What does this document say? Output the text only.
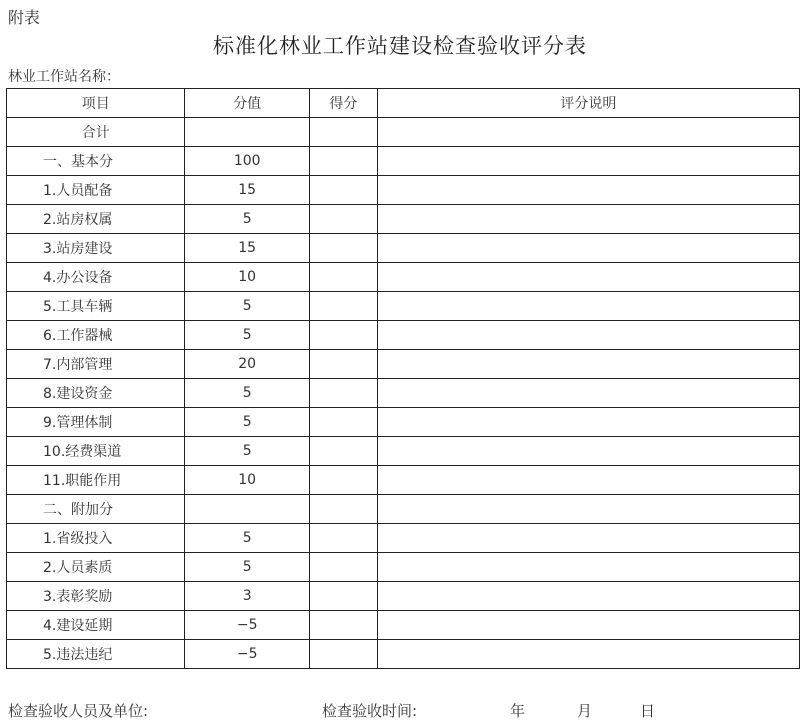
附表
标准化林业工作站建设检查验收评分表
林业工作站名称：
项目	分值	得分	评分说明
合计			
一、基本分	100		
1.人员配备	15		
2.站房权属	5		
3.站房建设	15		
4.办公设备	10		
5.工具车辆	5		
6.工作器械	5		
7.内部管理	20		
8.建设资金	5		
9.管理体制	5		
10.经费渠道	5		
11.职能作用	10		
二、附加分			
1.省级投入	5		
2.人员素质	5		
3.表彰奖励	3		
4.建设延期	−5		
5.违法违纪	−5		
检查验收人员及单位:	检查验收时间:	年	月	日
